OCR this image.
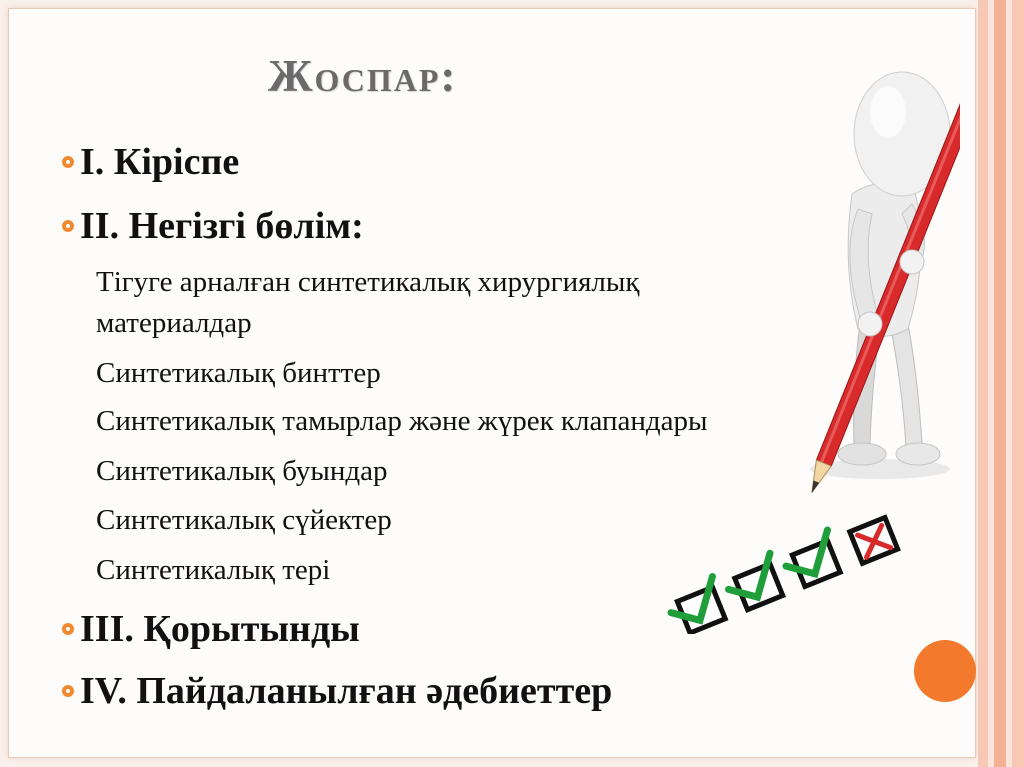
Жоспар:
I. Кіріспе
II. Негізгі бөлім:
Тігуге арналған синтетикалық хирургиялық
материалдар
Синтетикалық бинттер
Синтетикалық тамырлар және жүрек клапандары
Синтетикалық буындар
Синтетикалық сүйектер
Синтетикалық тері
III. Қорытынды
IV. Пайдаланылған әдебиеттер
